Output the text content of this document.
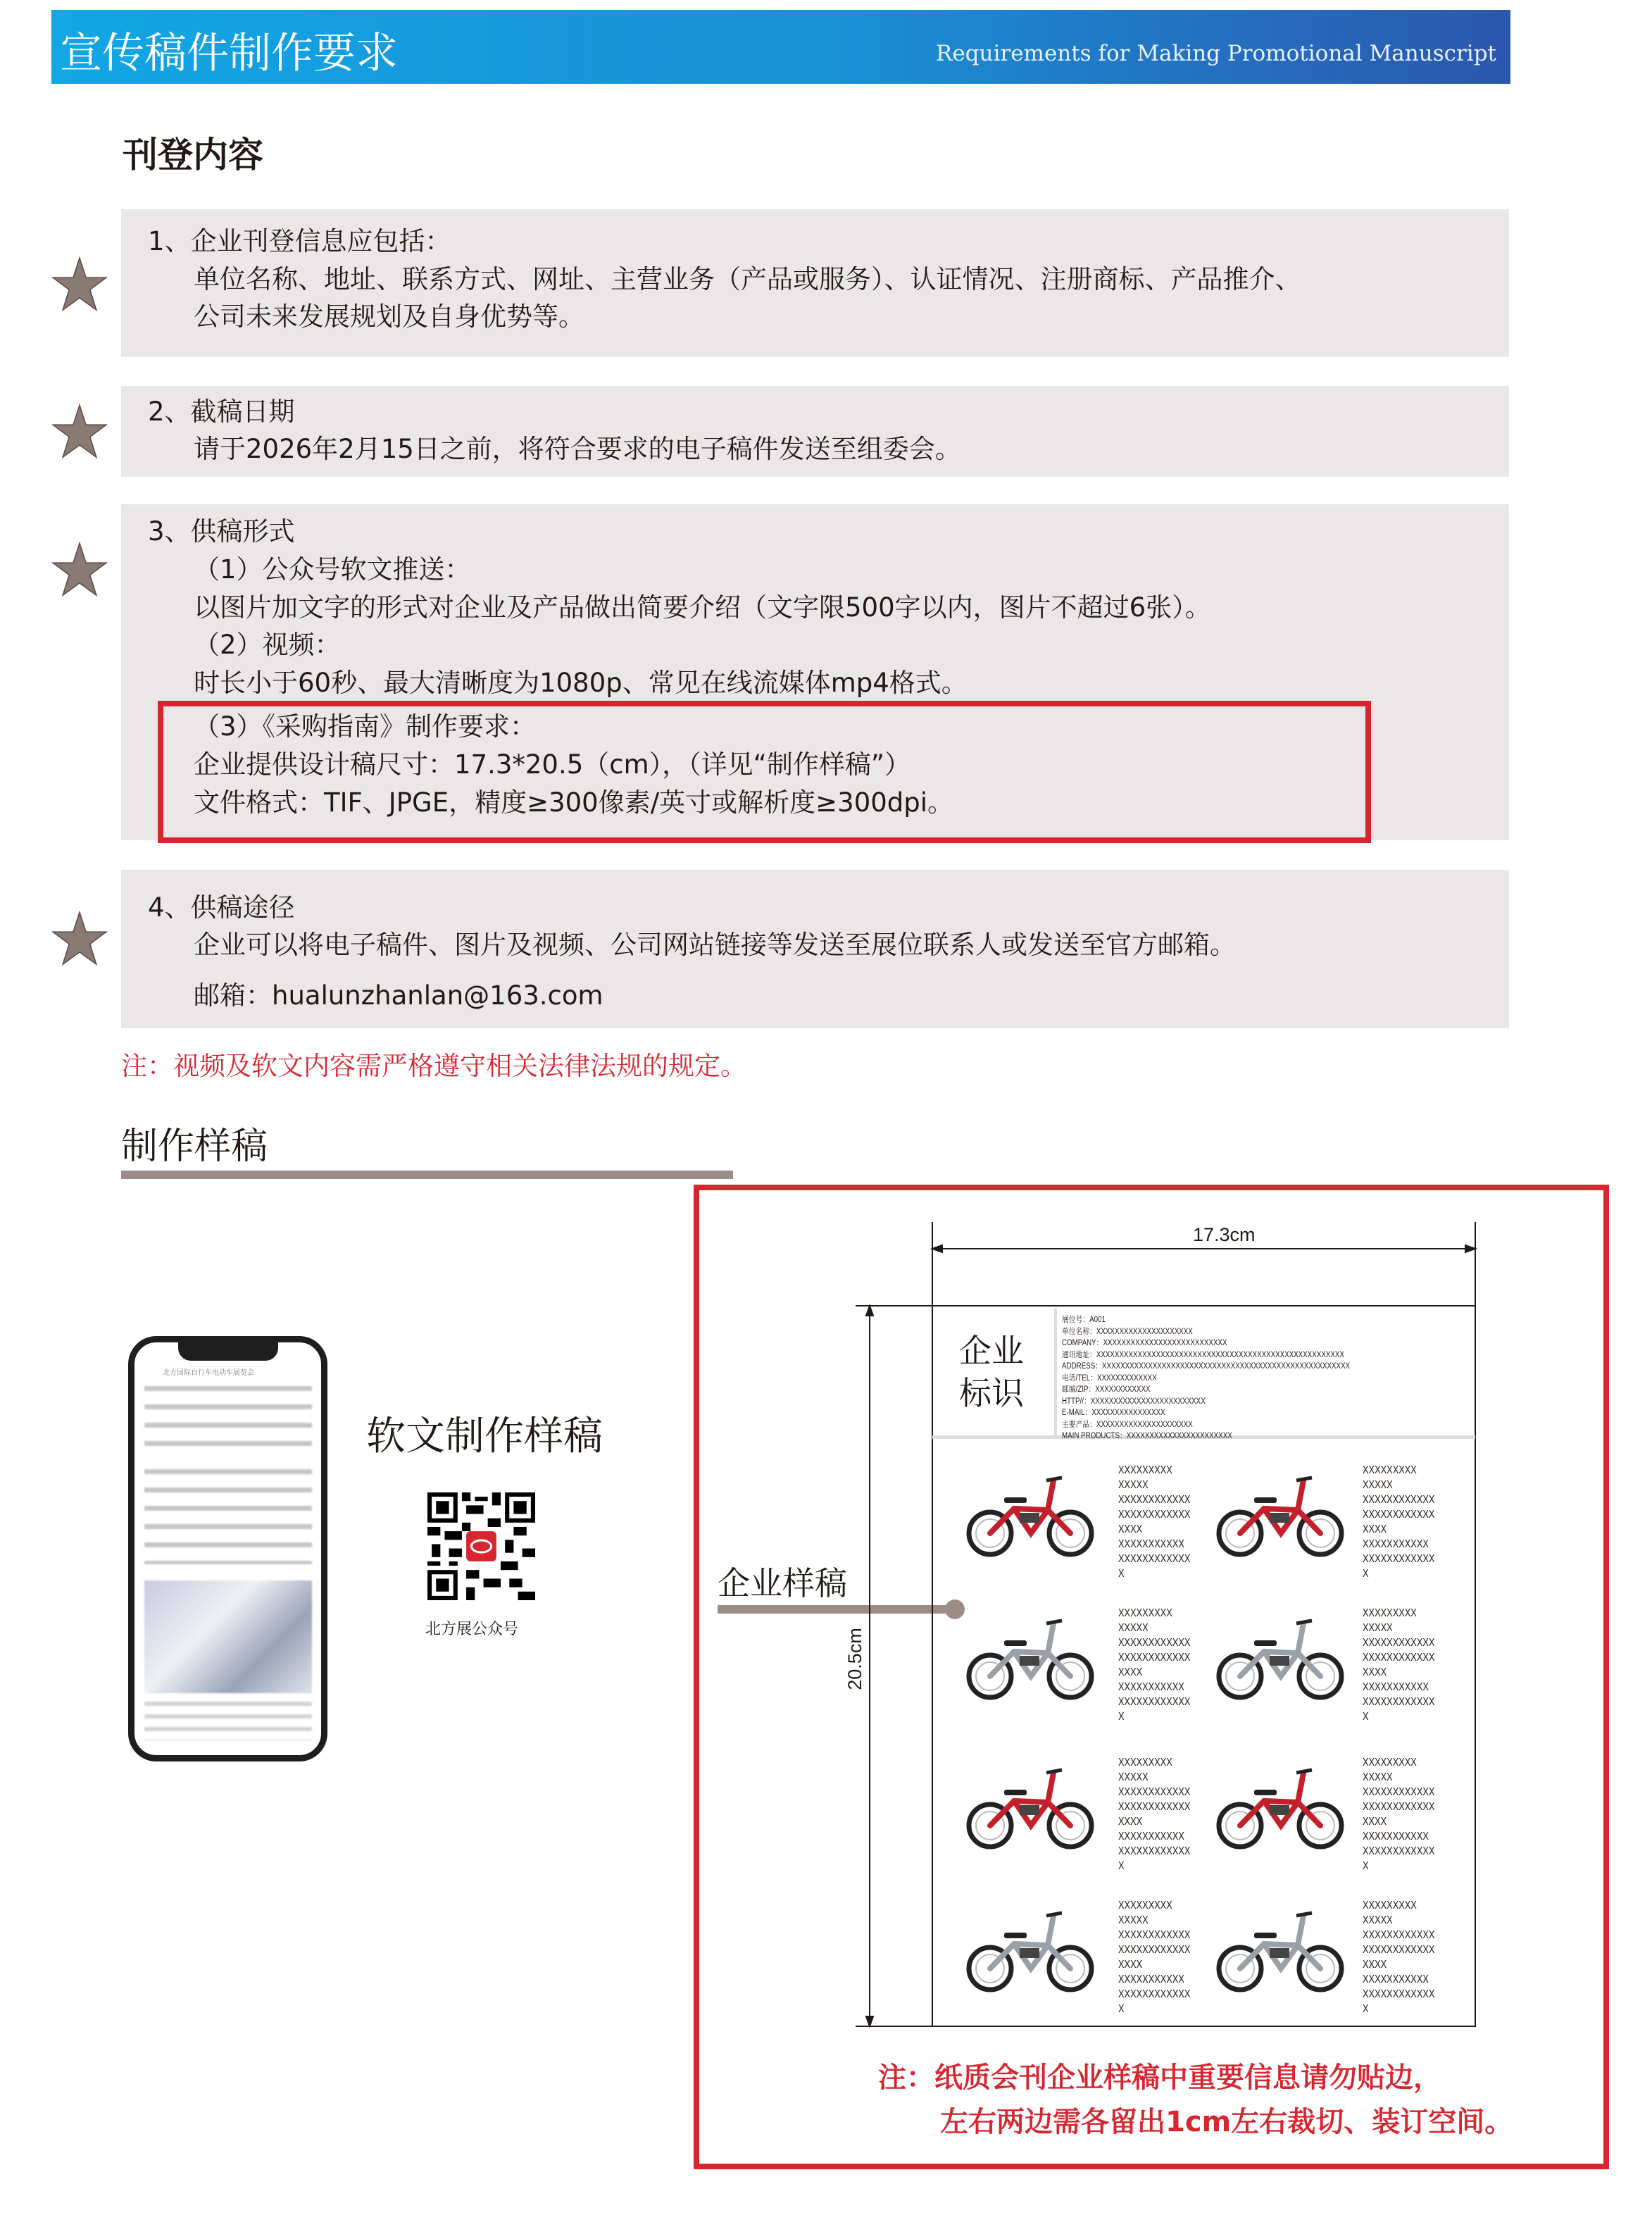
宣传稿件制作要求	Requirements for Making Promotional Manuscript
刊登内容
1、企业刊登信息应包括：
单位名称、地址、联系方式、网址、主营业务（产品或服务）、认证情况、注册商标、产品推介、
公司未来发展规划及自身优势等。
2、截稿日期
请于2026年2月15日之前，将符合要求的电子稿件发送至组委会。
3、供稿形式
（1）公众号软文推送：
以图片加文字的形式对企业及产品做出简要介绍（文字限500字以内，图片不超过6张）。
（2）视频：
时长小于60秒、最大清晰度为1080p、常见在线流媒体mp4格式。
（3）《采购指南》制作要求：
企业提供设计稿尺寸：17.3*20.5（cm），（详见“制作样稿”）
文件格式：TIF、JPGE，精度≥300像素/英寸或解析度≥300dpi。
4、供稿途径
企业可以将电子稿件、图片及视频、公司网站链接等发送至展位联系人或发送至官方邮箱。
邮箱：hualunzhanlan@163.com
注：视频及软文内容需严格遵守相关法律法规的规定。
制作样稿
北方国际自行车电动车展览会
软文制作样稿
北方展公众号
企业样稿
17.3cm
20.5cm
企业
标识
展位号：A001
单位名称：XXXXXXXXXXXXXXXXXXXXX
COMPANY：XXXXXXXXXXXXXXXXXXXXXXXXXXX
通讯地址：XXXXXXXXXXXXXXXXXXXXXXXXXXXXXXXXXXXXXXXXXXXXXXXXXXXXXX
ADDRESS：XXXXXXXXXXXXXXXXXXXXXXXXXXXXXXXXXXXXXXXXXXXXXXXXXXXXXX
电话/TEL：XXXXXXXXXXXXX
邮编/ZIP：XXXXXXXXXXXX
HTTP//：XXXXXXXXXXXXXXXXXXXXXXXXX
E-MAIL：XXXXXXXXXXXXXXXX
主要产品：XXXXXXXXXXXXXXXXXXXXX
MAIN PRODUCTS：XXXXXXXXXXXXXXXXXXXXXXX
XXXXXXXXX
XXXXX
XXXXXXXXXXXX
XXXXXXXXXXXX
XXXX
XXXXXXXXXXX
XXXXXXXXXXXX
X
XXXXXXXXX
XXXXX
XXXXXXXXXXXX
XXXXXXXXXXXX
XXXX
XXXXXXXXXXX
XXXXXXXXXXXX
X
XXXXXXXXX
XXXXX
XXXXXXXXXXXX
XXXXXXXXXXXX
XXXX
XXXXXXXXXXX
XXXXXXXXXXXX
X
XXXXXXXXX
XXXXX
XXXXXXXXXXXX
XXXXXXXXXXXX
XXXX
XXXXXXXXXXX
XXXXXXXXXXXX
X
XXXXXXXXX
XXXXX
XXXXXXXXXXXX
XXXXXXXXXXXX
XXXX
XXXXXXXXXXX
XXXXXXXXXXXX
X
XXXXXXXXX
XXXXX
XXXXXXXXXXXX
XXXXXXXXXXXX
XXXX
XXXXXXXXXXX
XXXXXXXXXXXX
X
XXXXXXXXX
XXXXX
XXXXXXXXXXXX
XXXXXXXXXXXX
XXXX
XXXXXXXXXXX
XXXXXXXXXXXX
X
XXXXXXXXX
XXXXX
XXXXXXXXXXXX
XXXXXXXXXXXX
XXXX
XXXXXXXXXXX
XXXXXXXXXXXX
X
注：纸质会刊企业样稿中重要信息请勿贴边，
左右两边需各留出1cm左右裁切、装订空间。
